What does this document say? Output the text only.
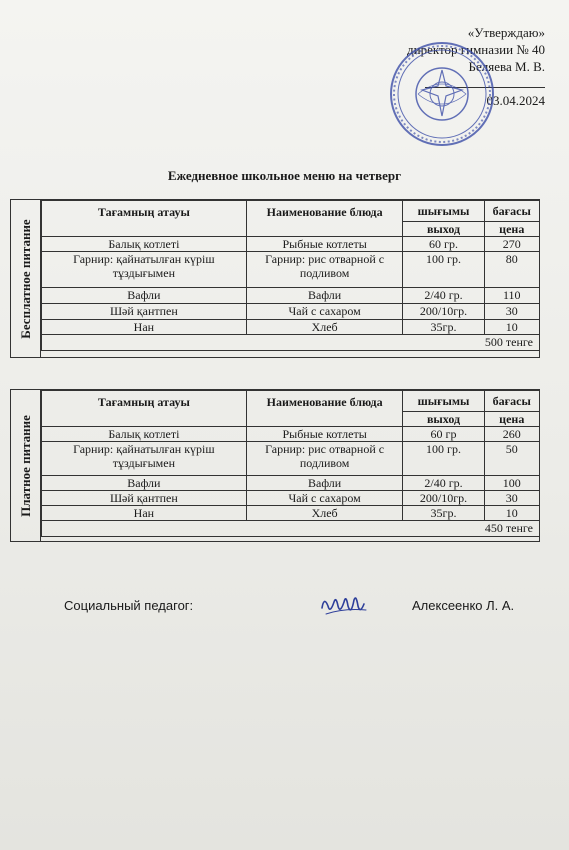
«Утверждаю»
директор гимназии № 40
Беляева М. В.
03.04.2024
Ежедневное школьное меню на четверг
Бесплатное питание
Тағамның атауы	Наименование блюда	шығымы	бағасы
		выход	цена
Балық котлеті	Рыбные котлеты	60 гр.	270
Гарнир: қайнатылған күріш тұздығымен	Гарнир: рис отварной с подливом	100 гр.	80
Вафли	Вафли	2/40 гр.	110
Шәй қантпен	Чай с сахаром	200/10гр.	30
Нан	Хлеб	35гр.	10
500 тенге			
Платное питание
Тағамның атауы	Наименование блюда	шығымы	бағасы
		выход	цена
Балық котлеті	Рыбные котлеты	60 гр	260
Гарнир: қайнатылған күріш тұздығымен	Гарнир: рис отварной с подливом	100 гр.	50
Вафли	Вафли	2/40 гр.	100
Шәй қантпен	Чай с сахаром	200/10гр.	30
Нан	Хлеб	35гр.	10
450 тенге			
Социальный педагог:	Алексеенко Л. А.
